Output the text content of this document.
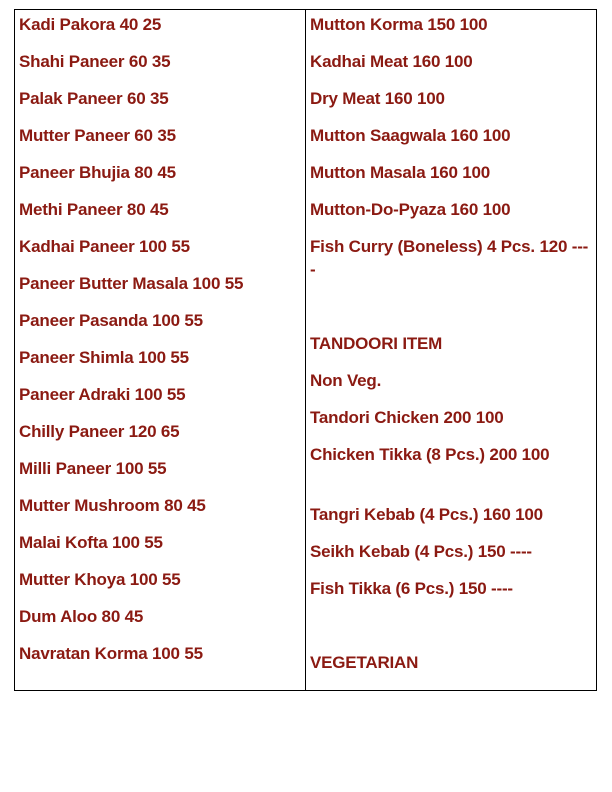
Kadi Pakora 40 25
Shahi Paneer 60 35
Palak Paneer 60 35
Mutter Paneer 60 35
Paneer Bhujia 80 45
Methi Paneer 80 45
Kadhai Paneer 100 55
Paneer Butter Masala 100 55
Paneer Pasanda 100 55
Paneer Shimla 100 55
Paneer Adraki 100 55
Chilly Paneer 120 65
Milli Paneer 100 55
Mutter Mushroom 80 45
Malai Kofta 100 55
Mutter Khoya 100 55
Dum Aloo 80 45
Navratan Korma 100 55
Mutton Korma 150 100
Kadhai Meat 160 100
Dry Meat 160 100
Mutton Saagwala 160 100
Mutton Masala 160 100
Mutton-Do-Pyaza 160 100
Fish Curry (Boneless) 4 Pcs. 120 ----
TANDOORI ITEM
Non Veg.
Tandori Chicken 200 100
Chicken Tikka (8 Pcs.) 200 100
Tangri Kebab (4 Pcs.) 160 100
Seikh Kebab (4 Pcs.) 150 ----
Fish Tikka (6 Pcs.) 150 ----
VEGETARIAN
